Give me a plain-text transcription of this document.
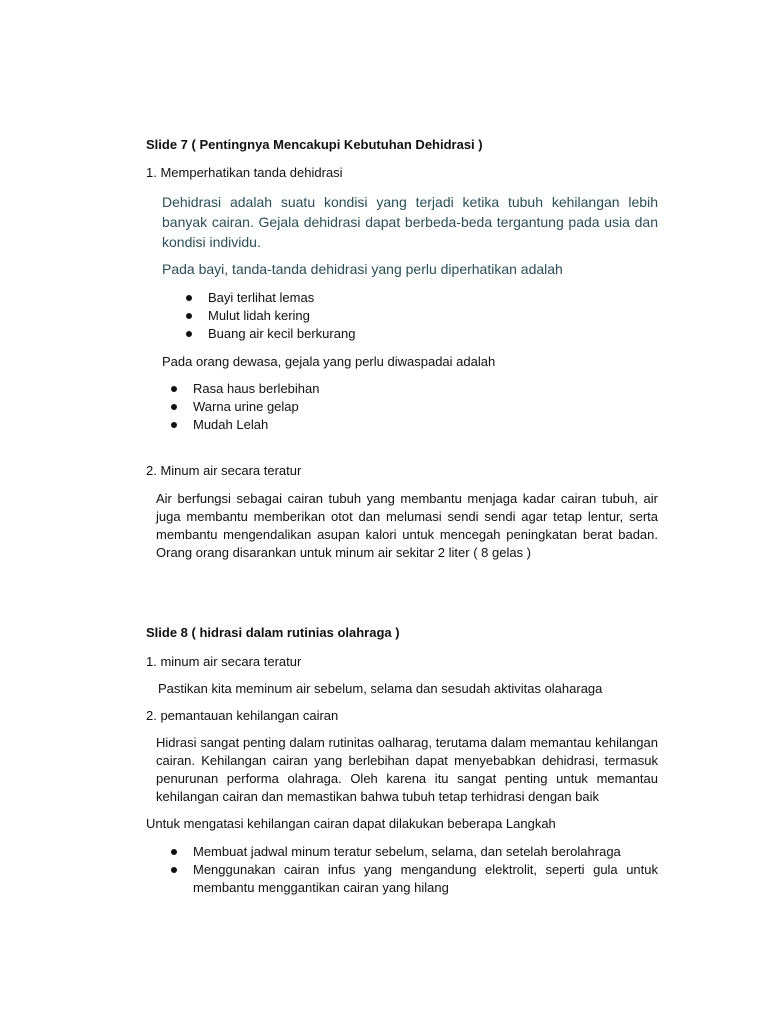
Slide 7 ( Pentingnya Mencakupi Kebutuhan Dehidrasi )

1. Memperhatikan tanda dehidrasi

Dehidrasi adalah suatu kondisi yang terjadi ketika tubuh kehilangan lebih banyak cairan. Gejala dehidrasi dapat berbeda-beda tergantung pada usia dan kondisi individu.

Pada bayi, tanda-tanda dehidrasi yang perlu diperhatikan adalah

Bayi terlihat lemas
Mulut lidah kering
Buang air kecil berkurang

Pada orang dewasa, gejala yang perlu diwaspadai adalah

Rasa haus berlebihan
Warna urine gelap
Mudah Lelah

2. Minum air secara teratur

Air berfungsi sebagai cairan tubuh yang membantu menjaga kadar cairan tubuh, air juga membantu memberikan otot dan melumasi sendi sendi agar tetap lentur, serta membantu mengendalikan asupan kalori untuk mencegah peningkatan berat badan. Orang orang disarankan untuk minum air sekitar 2 liter ( 8 gelas )

Slide 8 ( hidrasi dalam rutinias olahraga )

1. minum air secara teratur

Pastikan kita meminum air sebelum, selama dan sesudah aktivitas olaharaga

2. pemantauan kehilangan cairan

Hidrasi sangat penting dalam rutinitas oalharag, terutama dalam memantau kehilangan cairan. Kehilangan cairan yang berlebihan dapat menyebabkan dehidrasi, termasuk penurunan performa olahraga. Oleh karena itu sangat penting untuk memantau kehilangan cairan dan memastikan bahwa tubuh tetap terhidrasi dengan baik

Untuk mengatasi kehilangan cairan dapat dilakukan beberapa Langkah

Membuat jadwal minum teratur sebelum, selama, dan setelah berolahraga
Menggunakan cairan infus yang mengandung elektrolit, seperti gula untuk membantu menggantikan cairan yang hilang
